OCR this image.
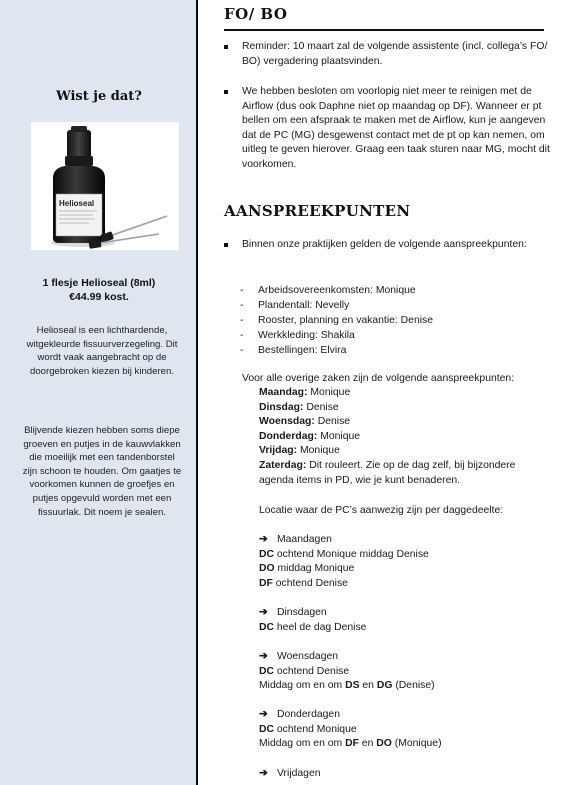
Wist je dat?
Helioseal
1 flesje Helioseal (8ml)
€44.99 kost.

Helioseal is een lichthardende, witgekleurde fissuurverzegeling. Dit wordt vaak aangebracht op de doorgebroken kiezen bij kinderen.

Blijvende kiezen hebben soms diepe groeven en putjes in de kauwvlakken die moeilijk met een tandenborstel zijn schoon te houden. Om gaatjes te voorkomen kunnen de groefjes en putjes opgevuld worden met een fissuurlak. Dit noem je sealen.

FO/ BO
Reminder: 10 maart zal de volgende assistente (incl. collega’s FO/ BO) vergadering plaatsvinden.
We hebben besloten om voorlopig niet meer te reinigen met de Airflow (dus ook Daphne niet op maandag op DF). Wanneer er pt bellen om een afspraak te maken met de Airflow, kun je aangeven dat de PC (MG) desgewenst contact met de pt op kan nemen, om uitleg te geven hierover. Graag een taak sturen naar MG, mocht dit voorkomen.
AANSPREEKPUNTEN
Binnen onze praktijken gelden de volgende aanspreekpunten:
- Arbeidsovereenkomsten: Monique
- Plandentall: Nevelly
- Rooster, planning en vakantie: Denise
- Werkkleding: Shakila
- Bestellingen: Elvira
Voor alle overige zaken zijn de volgende aanspreekpunten:
Maandag: Monique
Dinsdag: Denise
Woensdag: Denise
Donderdag: Monique
Vrijdag: Monique
Zaterdag: Dit rouleert. Zie op de dag zelf, bij bijzondere
agenda items in PD, wie je kunt benaderen.
Locatie waar de PC’s aanwezig zijn per daggedeelte:
➔ Maandagen
DC ochtend Monique middag Denise
DO middag Monique
DF ochtend Denise
➔ Dinsdagen
DC heel de dag Denise
➔ Woensdagen
DC ochtend Denise
Middag om en om DS en DG (Denise)
➔ Donderdagen
DC ochtend Monique
Middag om en om DF en DO (Monique)
➔ Vrijdagen
